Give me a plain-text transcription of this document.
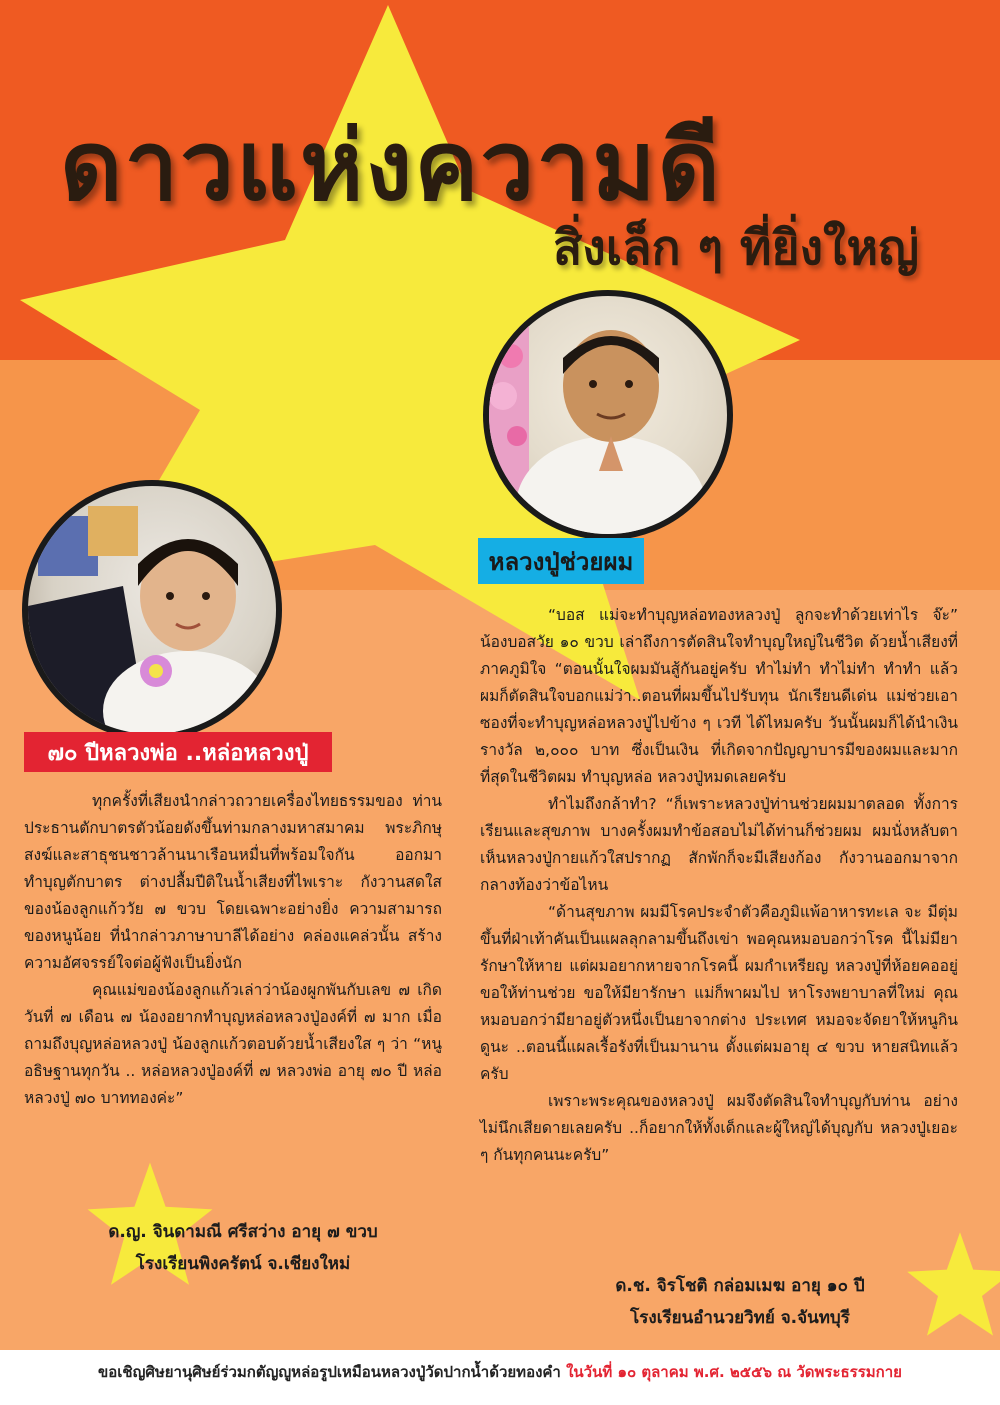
ดาวแห่งความดี
สิ่งเล็ก ๆ ที่ยิ่งใหญ่
หลวงปู่ช่วยผม
๗๐ ปีหลวงพ่อ ..หล่อหลวงปู่

“บอส แม่จะทำบุญหล่อทองหลวงปู่ ลูกจะทำด้วยเท่าไร จ๊ะ” น้องบอสวัย ๑๐ ขวบ เล่าถึงการตัดสินใจทำบุญใหญ่ในชีวิต ด้วยน้ำเสียงที่ภาคภูมิใจ “ตอนนั้นใจผมมันสู้กันอยู่ครับ ทำไม่ทำ ทำไม่ทำ ทำทำ แล้วผมก็ตัดสินใจบอกแม่ว่า..ตอนที่ผมขึ้นไปรับทุน นักเรียนดีเด่น แม่ช่วยเอาซองที่จะทำบุญหล่อหลวงปู่ไปข้าง ๆ เวที ได้ไหมครับ วันนั้นผมก็ได้นำเงินรางวัล ๒,๐๐๐ บาท ซึ่งเป็นเงิน ที่เกิดจากปัญญาบารมีของผมและมากที่สุดในชีวิตผม ทำบุญหล่อ หลวงปู่หมดเลยครับ

ทำไมถึงกล้าทำ? “ก็เพราะหลวงปู่ท่านช่วยผมมาตลอด ทั้งการเรียนและสุขภาพ บางครั้งผมทำข้อสอบไม่ได้ท่านก็ช่วยผม ผมนั่งหลับตาเห็นหลวงปู่กายแก้วใสปรากฏ สักพักก็จะมีเสียงก้อง กังวานออกมาจากกลางท้องว่าข้อไหน

“ด้านสุขภาพ ผมมีโรคประจำตัวคือภูมิแพ้อาหารทะเล จะ มีตุ่มขึ้นที่ฝ่าเท้าคันเป็นแผลลุกลามขึ้นถึงเข่า พอคุณหมอบอกว่าโรค นี้ไม่มียารักษาให้หาย แต่ผมอยากหายจากโรคนี้ ผมกำเหรียญ หลวงปู่ที่ห้อยคออยู่ ขอให้ท่านช่วย ขอให้มียารักษา แม่ก็พาผมไป หาโรงพยาบาลที่ใหม่ คุณหมอบอกว่ามียาอยู่ตัวหนึ่งเป็นยาจากต่าง ประเทศ หมอจะจัดยาให้หนูกินดูนะ ..ตอนนี้แผลเรื้อรังที่เป็นมานาน ตั้งแต่ผมอายุ ๔ ขวบ หายสนิทแล้วครับ

เพราะพระคุณของหลวงปู่ ผมจึงตัดสินใจทำบุญกับท่าน อย่างไม่นึกเสียดายเลยครับ ..ก็อยากให้ทั้งเด็กและผู้ใหญ่ได้บุญกับ หลวงปู่เยอะ ๆ กันทุกคนนะครับ”

ทุกครั้งที่เสียงนำกล่าวถวายเครื่องไทยธรรมของ ท่านประธานตักบาตรตัวน้อยดังขึ้นท่ามกลางมหาสมาคม พระภิกษุสงฆ์และสาธุชนชาวล้านนาเรือนหมื่นที่พร้อมใจกัน ออกมาทำบุญตักบาตร ต่างปลื้มปีติในน้ำเสียงที่ไพเราะ กังวานสดใสของน้องลูกแก้ววัย ๗ ขวบ โดยเฉพาะอย่างยิ่ง ความสามารถของหนูน้อย ที่นำกล่าวภาษาบาลีได้อย่าง คล่องแคล่วนั้น สร้างความอัศจรรย์ใจต่อผู้ฟังเป็นยิ่งนัก

คุณแม่ของน้องลูกแก้วเล่าว่าน้องผูกพันกับเลข ๗ เกิดวันที่ ๗ เดือน ๗ น้องอยากทำบุญหล่อหลวงปู่องค์ที่ ๗ มาก เมื่อถามถึงบุญหล่อหลวงปู่ น้องลูกแก้วตอบด้วยน้ำเสียงใส ๆ ว่า “หนูอธิษฐานทุกวัน .. หล่อหลวงปู่องค์ที่ ๗ หลวงพ่อ อายุ ๗๐ ปี หล่อหลวงปู่ ๗๐ บาททองค่ะ”

ด.ญ. จินดามณี ศรีสว่าง อายุ ๗ ขวบ

โรงเรียนพิงครัตน์ จ.เชียงใหม่

ด.ช. จิรโชติ กล่อมเมฆ อายุ ๑๐ ปี

โรงเรียนอำนวยวิทย์ จ.จันทบุรี

ขอเชิญศิษยานุศิษย์ร่วมกตัญญูหล่อรูปเหมือนหลวงปู่วัดปากน้ำด้วยทองคำ ในวันที่ ๑๐ ตุลาคม พ.ศ. ๒๕๕๖ ณ วัดพระธรรมกาย
